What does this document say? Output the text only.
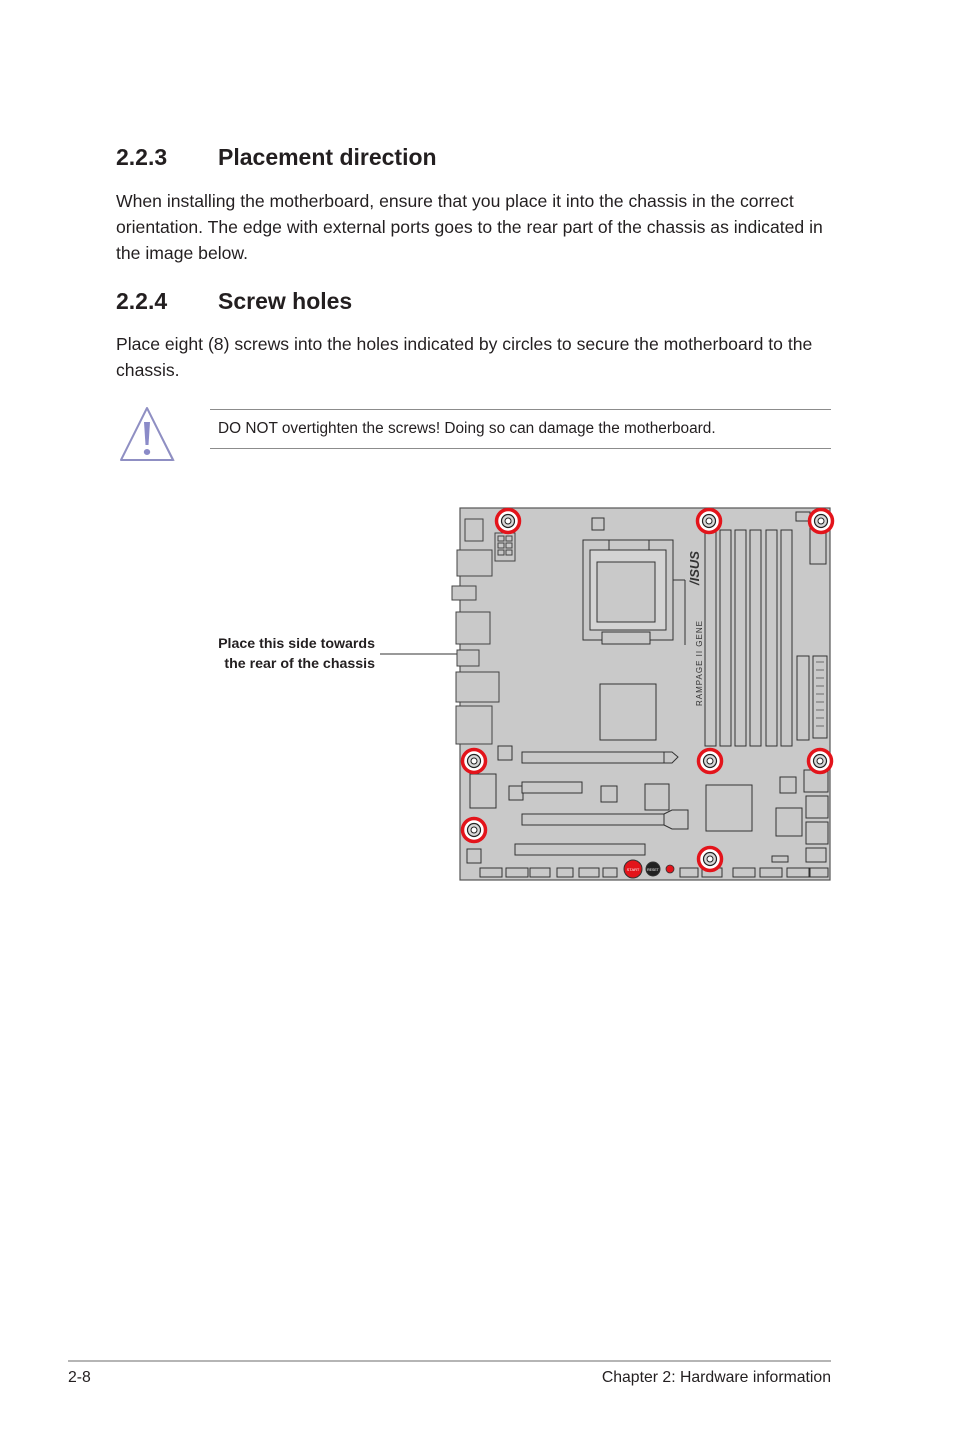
2.2.3 Placement direction

When installing the motherboard, ensure that you place it into the chassis in the correct orientation. The edge with external ports goes to the rear part of the chassis as indicated in the image below.

2.2.4 Screw holes

Place eight (8) screws into the holes indicated by circles to secure the motherboard to the chassis.

DO NOT overtighten the screws! Doing so can damage the motherboard.
Place this side towards
the rear of the chassis
START RESET
/ISUS
RAMPAGE II GENE
2-8	Chapter 2: Hardware information
